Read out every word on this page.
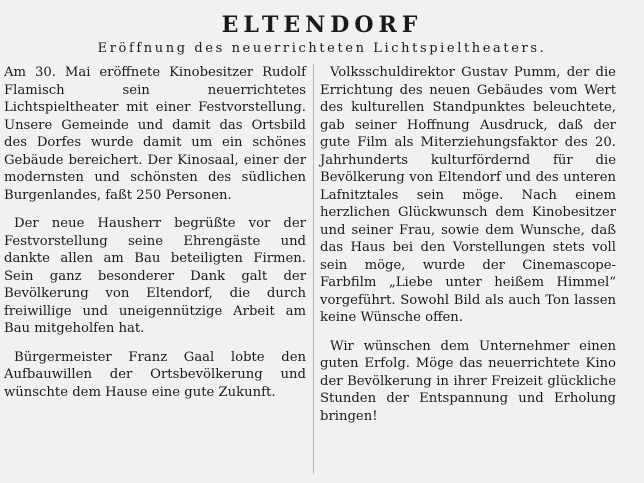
ELTENDORF
Eröffnung des neuerrichteten Lichtspieltheaters.

Am 30. Mai eröffnete Kinobesitzer Rudolf Flamisch sein neuerrichtetes Lichtspieltheater mit einer Festvorstellung. Unsere Gemeinde und damit das Ortsbild des Dorfes wurde damit um ein schönes Gebäude bereichert. Der Kinosaal, einer der modernsten und schönsten des südlichen Burgenlandes, faßt 250 Personen.

Der neue Hausherr begrüßte vor der Festvorstellung seine Ehrengäste und dankte allen am Bau beteiligten Firmen. Sein ganz besonderer Dank galt der Bevölkerung von Eltendorf, die durch freiwillige und uneigennützige Arbeit am Bau mitgeholfen hat.

Bürgermeister Franz Gaal lobte den Aufbauwillen der Ortsbevölkerung und wünschte dem Hause eine gute Zukunft.

Volksschuldirektor Gustav Pumm, der die Errichtung des neuen Gebäudes vom Wert des kulturellen Standpunktes beleuchtete, gab seiner Hoffnung Ausdruck, daß der gute Film als Miterziehungsfaktor des 20. Jahrhunderts kulturfördernd für die Bevölkerung von Eltendorf und des unteren Lafnitztales sein möge. Nach einem herzlichen Glückwunsch dem Kinobesitzer und seiner Frau, sowie dem Wunsche, daß das Haus bei den Vorstellungen stets voll sein möge, wurde der Cinemascope-Farbfilm „Liebe unter heißem Himmel“ vorgeführt. Sowohl Bild als auch Ton lassen keine Wünsche offen.

Wir wünschen dem Unternehmer einen guten Erfolg. Möge das neuerrichtete Kino der Bevölkerung in ihrer Freizeit glückliche Stunden der Entspannung und Erholung bringen!
